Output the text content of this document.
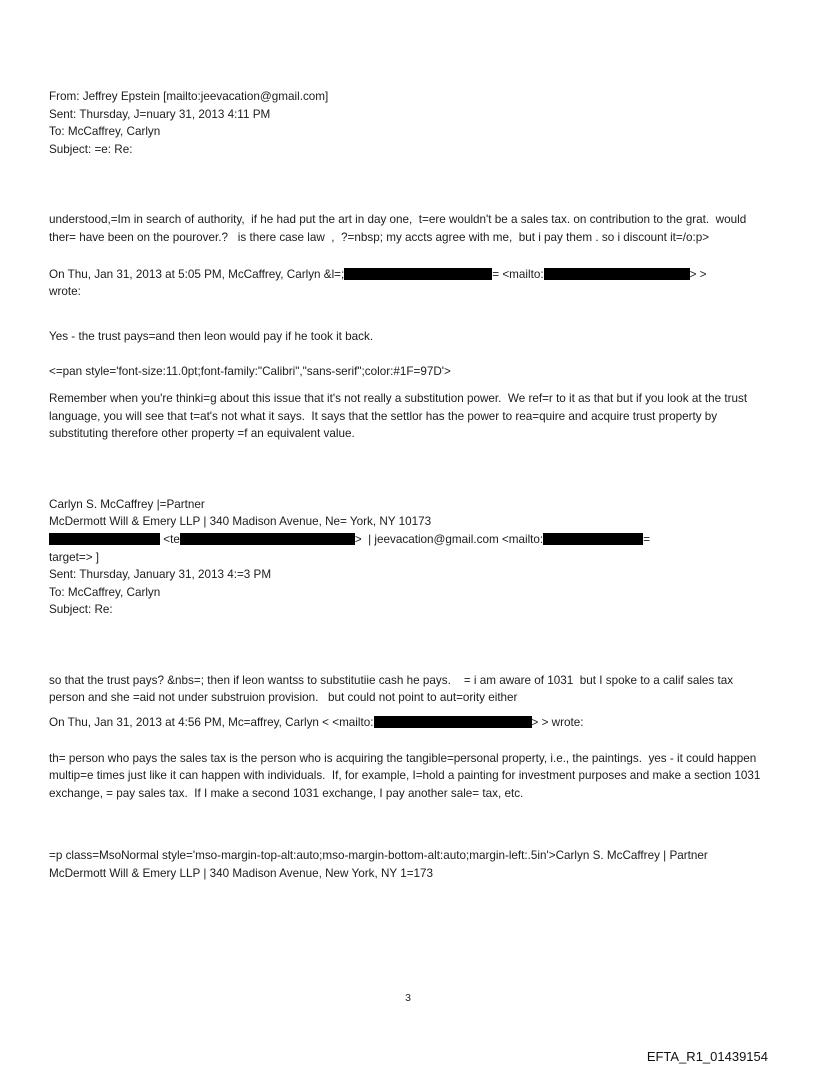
From: Jeffrey Epstein [mailto:jeevacation@gmail.com]

Sent: Thursday, J=nuary 31, 2013 4:11 PM

To: McCaffrey, Carlyn

Subject: =e: Re:

understood,=Im in search of authority,  if he had put the art in day one,  t=ere wouldn't be a sales tax. on contribution to the grat.  would ther= have been on the pourover.?   is there case law  ,  ?=nbsp; my accts agree with me,  but i pay them . so i discount it=/o:p>

On Thu, Jan 31, 2013 at 5:05 PM, McCaffrey, Carlyn &l=;	= <mailto:	> >

wrote:

Yes - the trust pays=and then leon would pay if he took it back.

<=pan style='font-size:11.0pt;font-family:"Calibri","sans-serif";color:#1F=97D'>

Remember when you're thinki=g about this issue that it's not really a substitution power.  We ref=r to it as that but if you look at the trust language, you will see that t=at's not what it says.  It says that the settlor has the power to rea=quire and acquire trust property by substituting therefore other property =f an equivalent value.

Carlyn S. McCaffrey |=Partner

McDermott Will & Emery LLP | 340 Madison Avenue, Ne= York, NY 10173

<te	>  | jeevacation@gmail.com <mailto:	=

target=> ]

Sent: Thursday, January 31, 2013 4:=3 PM

To: McCaffrey, Carlyn

Subject: Re:

so that the trust pays? &nbs=; then if leon wantss to substitutiie cash he pays.    = i am aware of 1031  but I spoke to a calif sales tax person and she =aid not under substruion provision.   but could not point to aut=ority either

On Thu, Jan 31, 2013 at 4:56 PM, Mc=affrey, Carlyn < <mailto:	> > wrote:

th= person who pays the sales tax is the person who is acquiring the tangible=personal property, i.e., the paintings.  yes - it could happen multip=e times just like it can happen with individuals.  If, for example, I=hold a painting for investment purposes and make a section 1031 exchange, = pay sales tax.  If I make a second 1031 exchange, I pay another sale= tax, etc.

=p class=MsoNormal style='mso-margin-top-alt:auto;mso-margin-bottom-alt:auto;margin-left:.5in'>Carlyn S. McCaffrey | Partner

McDermott Will & Emery LLP | 340 Madison Avenue, New York, NY 1=173

3
EFTA_R1_01439154
